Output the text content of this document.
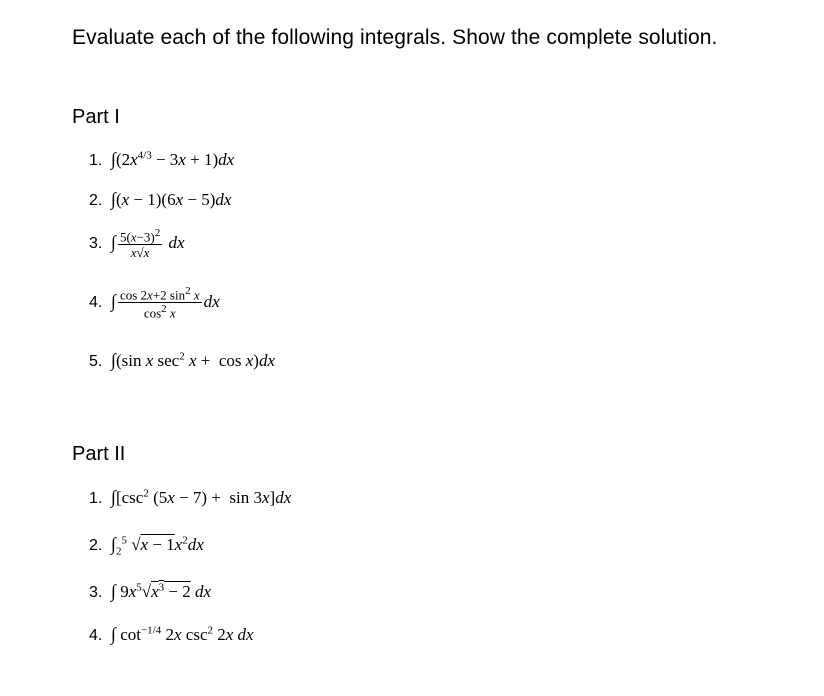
Evaluate each of the following integrals. Show the complete solution.
Part I
1. $\int(2x^{4/3} - 3x + 1)dx$
2. ∫(x − 1)(6x − 5)dx
3. ∫ $\frac{5(x-3)^2}{x√x}$ dx
4. ∫ $\frac{\cos 2x+2 \sin^2 x}{\cos^2 x}$ dx
5. ∫(sin x $\sec^2 x + \cos x)dx$
Part II
1. $\int[\csc^2$ (5x − 7) +  sin 3x]dx
2. $\int_2^5$ $√x - 1x^2dx$
3. ∫ $9x^5√x^3 - 2$ dx
4. ∫ $\cot^{-1/4} 2x$ $\csc^2 2x$ dx
